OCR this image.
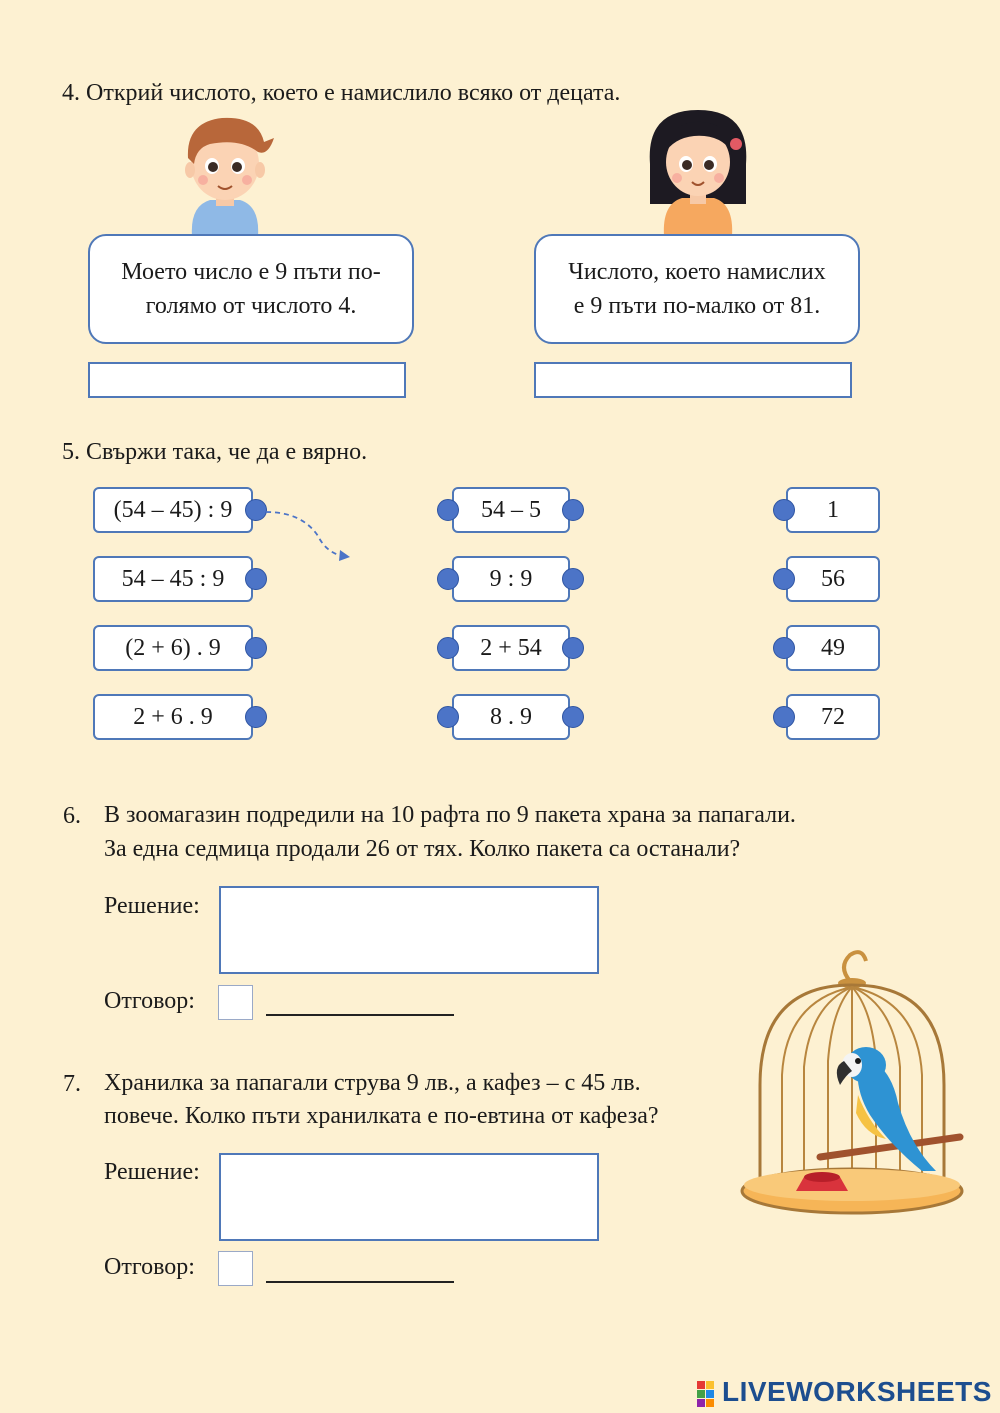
4. Открий числото, което е намислило всяко от децата.
Моето число е 9 пъти по-
голямо от числото 4.
Числото, което намислих
е 9 пъти по-малко от 81.
5. Свържи така, че да е вярно.
(54 – 45) : 9
54 – 45 : 9
(2 + 6) . 9
2 + 6 . 9
54 – 5
9 : 9
2 + 54
8 . 9
1
56
49
72
6. В зоомагазин подредили на 10 рафта по 9 пакета храна за папагали.
За една седмица продали 26 от тях. Колко пакета са останали?
Решение:
Отговор:
7. Хранилка за папагали струва 9 лв., а кафез – с 45 лв.
повече. Колко пъти хранилката е по-евтина от кафеза?
Решение:
Отговор:
LIVEWORKSHEETS
